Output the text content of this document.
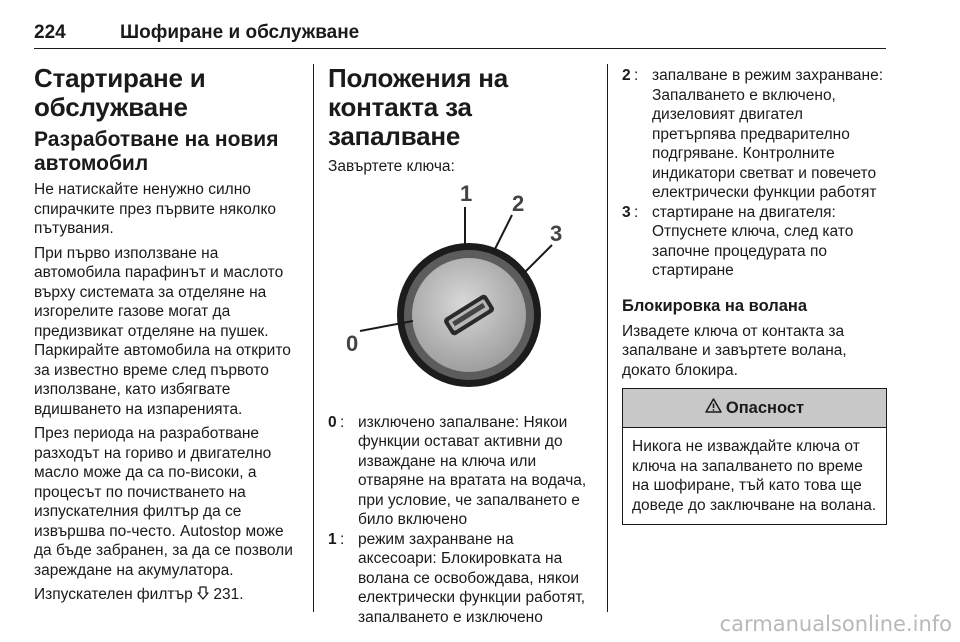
224	Шофиране и обслужване
Стартиране и обслужване
Разработване на новия автомобил

Не натискайте ненужно силно спирачките през първите няколко пътувания.

При първо използване на автомобила парафинът и маслото върху системата за отделяне на изгорелите газове могат да предизвикат отделяне на пушек. Паркирайте автомобила на открито за известно време след първото използване, като избягвате вдишването на изпаренията.

През периода на разработване разходът на гориво и двигателно масло може да са по-високи, а процесът по почистването на изпускателния филтър да се извършва по-често. Autostop може да бъде забранен, за да се позволи зареждане на акумулатора.

Изпускателен филтър 231.

Положения на контакта за запалване

Завъртете ключа:

1 2
3
0
0 : изключено запалване: Някои функции остават активни до изваждане на ключа или отваряне на вратата на водача, при условие, че запалването е било включено
1 : режим захранване на аксесоари: Блокировката на волана се освобождава, някои електрически функции работят, запалването е изключено
2 : запалване в режим захранване: Запалването е включено, дизеловият двигател претърпява предварително подгряване. Контролните индикатори светват и повечето електрически функции работят
3 : стартиране на двигателя: Отпуснете ключа, след като започне процедурата по стартиране
Блокировка на волана

Извадете ключа от контакта за запалване и завъртете волана, докато блокира.

Опасност
Никога не изваждайте ключа от ключа на запалването по време на шофиране, тъй като това ще доведе до заключване на волана.
carmanualsonline.info
